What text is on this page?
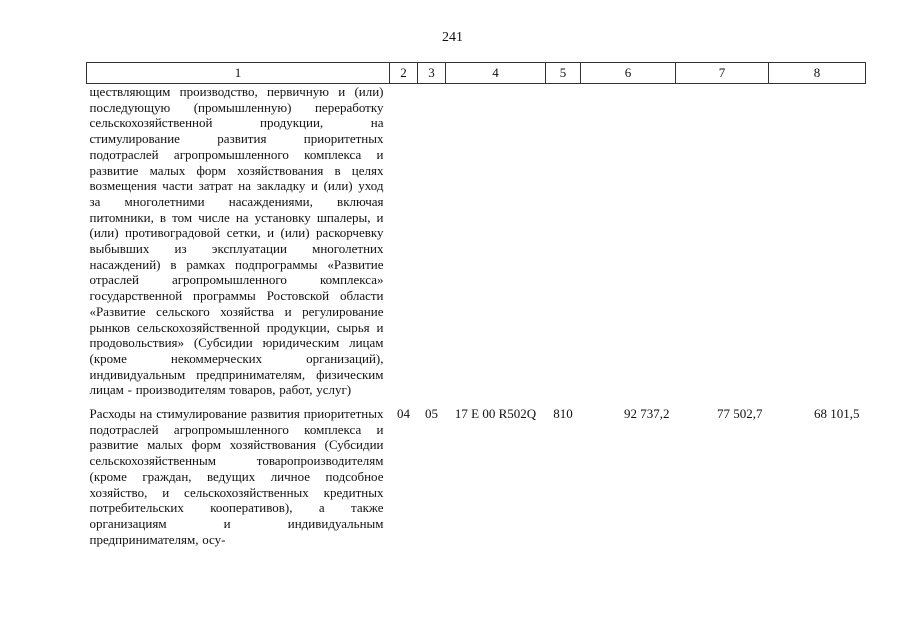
241
1	2	3	4	5	6	7	8

ществляющим производство, первичную и (или) последующую (промышленную) переработку сельскохозяйственной продукции, на стимулирование развития приоритетных подотраслей агропромышленного комплекса и развитие малых форм хозяйствования в целях возмещения части затрат на закладку и (или) уход за многолетними насаждениями, включая питомники, в том числе на установку шпалеры, и (или) противоградовой сетки, и (или) раскорчевку выбывших из эксплуатации многолетних насаждений) в рамках подпрограммы «Развитие отраслей агропромышленного комплекса» государственной программы Ростовской области «Развитие сельского хозяйства и регулирование рынков сельскохозяйственной продукции, сырья и продовольствия» (Субсидии юридическим лицам (кроме некоммерческих организаций), индивидуальным предпринимателям, физическим лицам - производителям товаров, работ, услуг)							

Расходы на стимулирование развития приоритетных подотраслей агропромышленного комплекса и развитие малых форм хозяйствования (Субсидии сельскохозяйственным товаропроизводителям (кроме граждан, ведущих личное подсобное хозяйство, и сельскохозяйственных кредитных потребительских кооперативов), а также организациям и индивидуальным предпринимателям, осу-	04	05	17 Е 00 R502Q	810	92 737,2	77 502,7	68 101,5
